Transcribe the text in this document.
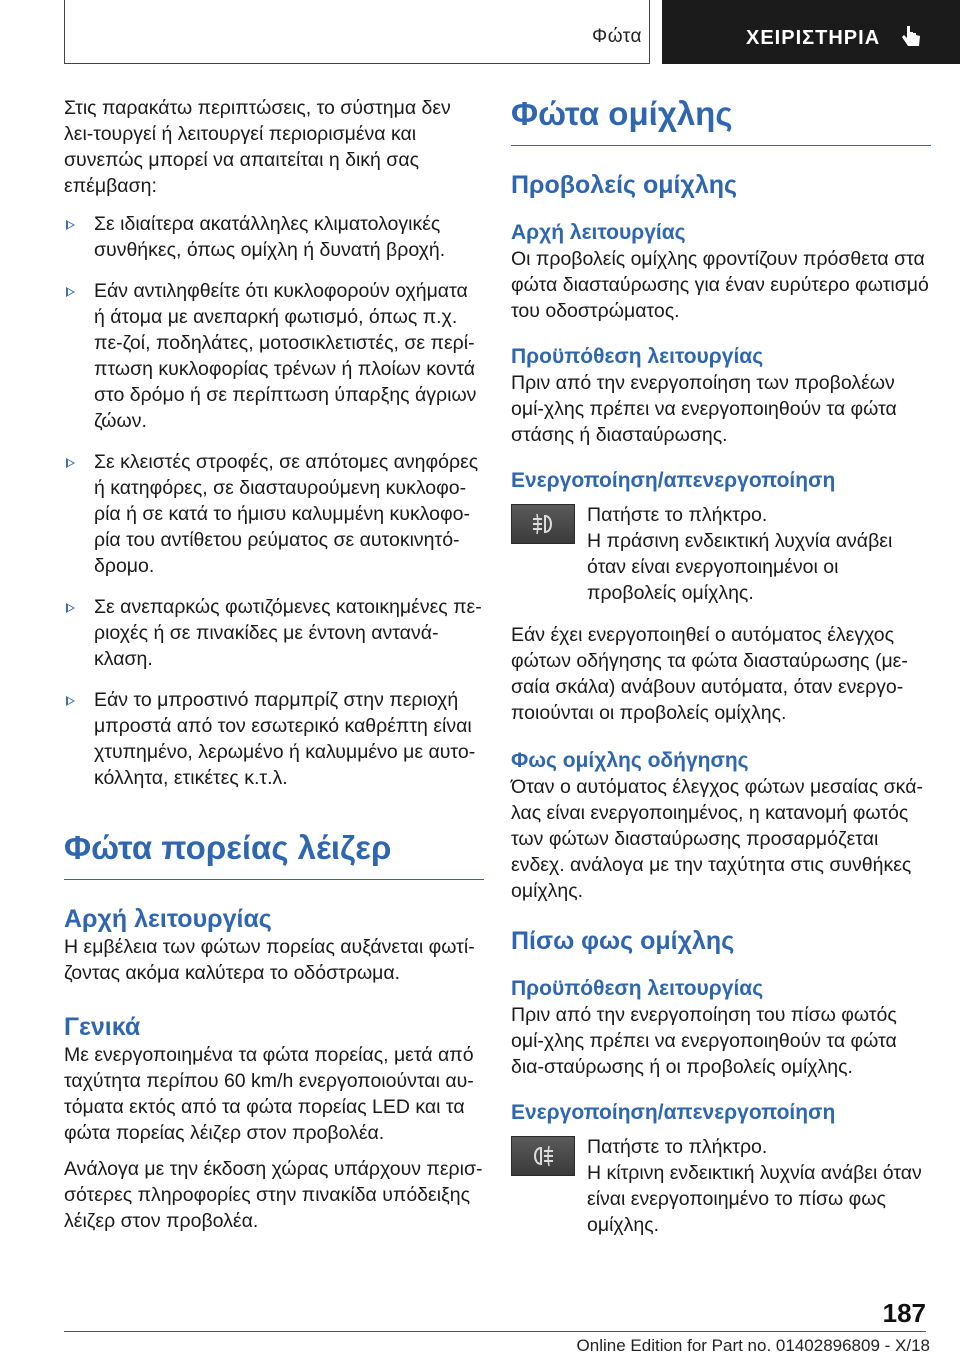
Φώτα	ΧΕΙΡΙΣΤΗΡΙΑ

Στις παρακάτω περιπτώσεις, το σύστημα δεν λει-τουργεί ή λειτουργεί περιορισμένα και συνεπώς μπορεί να απαιτείται η δική σας επέμβαση:

Σε ιδιαίτερα ακατάλληλες κλιματολογικές συνθήκες, όπως ομίχλη ή δυνατή βροχή.
Εάν αντιληφθείτε ότι κυκλοφορούν οχήματα ή άτομα με ανεπαρκή φωτισμό, όπως π.χ. πε-ζοί, ποδηλάτες, μοτοσικλετιστές, σε περί-πτωση κυκλοφορίας τρένων ή πλοίων κοντά στο δρόμο ή σε περίπτωση ύπαρξης άγριων ζώων.
Σε κλειστές στροφές, σε απότομες ανηφόρες ή κατηφόρες, σε διασταυρούμενη κυκλοφο-ρία ή σε κατά το ήμισυ καλυμμένη κυκλοφο-ρία του αντίθετου ρεύματος σε αυτοκινητό-δρομο.
Σε ανεπαρκώς φωτιζόμενες κατοικημένες πε-ριοχές ή σε πινακίδες με έντονη αντανά-κλαση.
Εάν το μπροστινό παρμπρίζ στην περιοχή μπροστά από τον εσωτερικό καθρέπτη είναι χτυπημένο, λερωμένο ή καλυμμένο με αυτο-κόλλητα, ετικέτες κ.τ.λ.
Φώτα πορείας λέιζερ
Αρχή λειτουργίας

Η εμβέλεια των φώτων πορείας αυξάνεται φωτί-ζοντας ακόμα καλύτερα το οδόστρωμα.

Γενικά

Με ενεργοποιημένα τα φώτα πορείας, μετά από ταχύτητα περίπου 60 km/h ενεργοποιούνται αυ-τόματα εκτός από τα φώτα πορείας LED και τα φώτα πορείας λέιζερ στον προβολέα.

Ανάλογα με την έκδοση χώρας υπάρχουν περισ-σότερες πληροφορίες στην πινακίδα υπόδειξης λέιζερ στον προβολέα.

Φώτα ομίχλης
Προβολείς ομίχλης
Αρχή λειτουργίας

Οι προβολείς ομίχλης φροντίζουν πρόσθετα στα φώτα διασταύρωσης για έναν ευρύτερο φωτισμό του οδοστρώματος.

Προϋπόθεση λειτουργίας

Πριν από την ενεργοποίηση των προβολέων ομί-χλης πρέπει να ενεργοποιηθούν τα φώτα στάσης ή διασταύρωσης.

Ενεργοποίηση/απενεργοποίηση

Πατήστε το πλήκτρο.

Η πράσινη ενδεικτική λυχνία ανάβει όταν είναι ενεργοποιημένοι οι προβολείς ομίχλης.

Εάν έχει ενεργοποιηθεί ο αυτόματος έλεγχος φώτων οδήγησης τα φώτα διασταύρωσης (με-σαία σκάλα) ανάβουν αυτόματα, όταν ενεργο-ποιούνται οι προβολείς ομίχλης.

Φως ομίχλης οδήγησης

Όταν ο αυτόματος έλεγχος φώτων μεσαίας σκά-λας είναι ενεργοποιημένος, η κατανομή φωτός των φώτων διασταύρωσης προσαρμόζεται ενδεχ. ανάλογα με την ταχύτητα στις συνθήκες ομίχλης.

Πίσω φως ομίχλης
Προϋπόθεση λειτουργίας

Πριν από την ενεργοποίηση του πίσω φωτός ομί-χλης πρέπει να ενεργοποιηθούν τα φώτα δια-σταύρωσης ή οι προβολείς ομίχλης.

Ενεργοποίηση/απενεργοποίηση

Πατήστε το πλήκτρο.

Η κίτρινη ενδεικτική λυχνία ανάβει όταν είναι ενεργοποιημένο το πίσω φως ομίχλης.

187
Online Edition for Part no. 01402896809 - X/18
